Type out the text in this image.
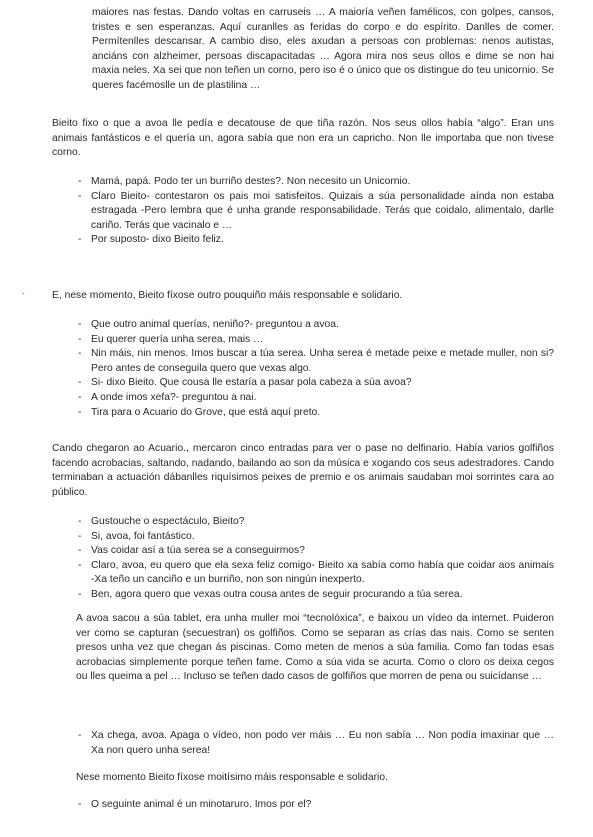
maiores nas festas. Dando voltas en carruseis … A maioría veñen famélicos, con golpes, cansos, tristes e sen esperanzas. Aquí curanlles as feridas do corpo e do espírito. Danlles de comer. Permítenlles descansar. A cambio diso, eles axudan a persoas con problemas: nenos autistas, anciáns con alzheimer, persoas discapacitadas … Agora mira nos seus ollos e dime se non hai maxia neles. Xa sei que non teñen un corno, pero iso é o único que os distingue do teu unicornio. Se queres facémoslle un de plastilina …

Bieito fixo o que a avoa lle pedía e decatouse de que tiña razón. Nos seus ollos había “algo”. Eran uns animais fantásticos e el quería un, agora sabía que non era un capricho. Non lle importaba que non tivese corno.

- Mamá, papá. Podo ter un burriño destes?. Non necesito un Unicornio.
- Claro Bieito- contestaron os pais moi satisfeitos. Quizais a súa personalidade aínda non estaba estragada -Pero lembra que é unha grande responsabilidade. Terás que coidalo, alimentalo, darlle cariño. Terás que vacinalo e …
- Por suposto- dixo Bieito feliz.
`	E, nese momento, Bieito fíxose outro pouquiño máis responsable e solidario.

- Que outro animal querías, neniño?- preguntou a avoa.
- Eu querer quería unha serea, mais …
- Nin máis, nin menos. Imos buscar a túa serea. Unha serea é metade peixe e metade muller, non si? Pero antes de conseguila quero que vexas algo.
- Si- dixo Bieito. Que cousa lle estaría a pasar pola cabeza a súa avoa?
- A onde imos xefa?- preguntou a nai.
- Tira para o Acuario do Grove, que está aquí preto.

Cando chegaron ao Acuario., mercaron cinco entradas para ver o pase no delfinario. Había varios golfiños facendo acrobacias, saltando, nadando, bailando ao son da música e xogando cos seus adestradores. Cando terminaban a actuación dábanlles riquísimos peixes de premio e os animais saudaban moi sorrintes cara ao público.

- Gustouche o espectáculo, Bieito?
- Si, avoa, foi fantástico.
- Vas coidar así a túa serea se a conseguirmos?
- Claro, avoa, eu quero que ela sexa feliz comigo- Bieito xa sabía como había que coidar aos animais -Xa teño un canciño e un burriño, non son ningún inexperto.
- Ben, agora quero que vexas outra cousa antes de seguir procurando a túa serea.

A avoa sacou a súa tablet, era unha muller moi “tecnolóxica”, e baixou un vídeo da internet. Puideron ver como se capturan (secuestran) os golfiños. Como se separan as crías das nais. Como se senten presos unha vez que chegan ás piscinas. Como meten de menos a súa familia. Como fan todas esas acrobacias simplemente porque teñen fame. Como a súa vida se acurta. Como o cloro os deixa cegos ou lles queima a pel … Incluso se teñen dado casos de golfiños que morren de pena ou suicídanse …

- Xa chega, avoa. Apaga o vídeo, non podo ver máis … Eu non sabía … Non podía imaxinar que … Xa non quero unha serea!

Nese momento Bieito fíxose moitísimo máis responsable e solidario.

- O seguinte animal é un minotaruro. Imos por el?
